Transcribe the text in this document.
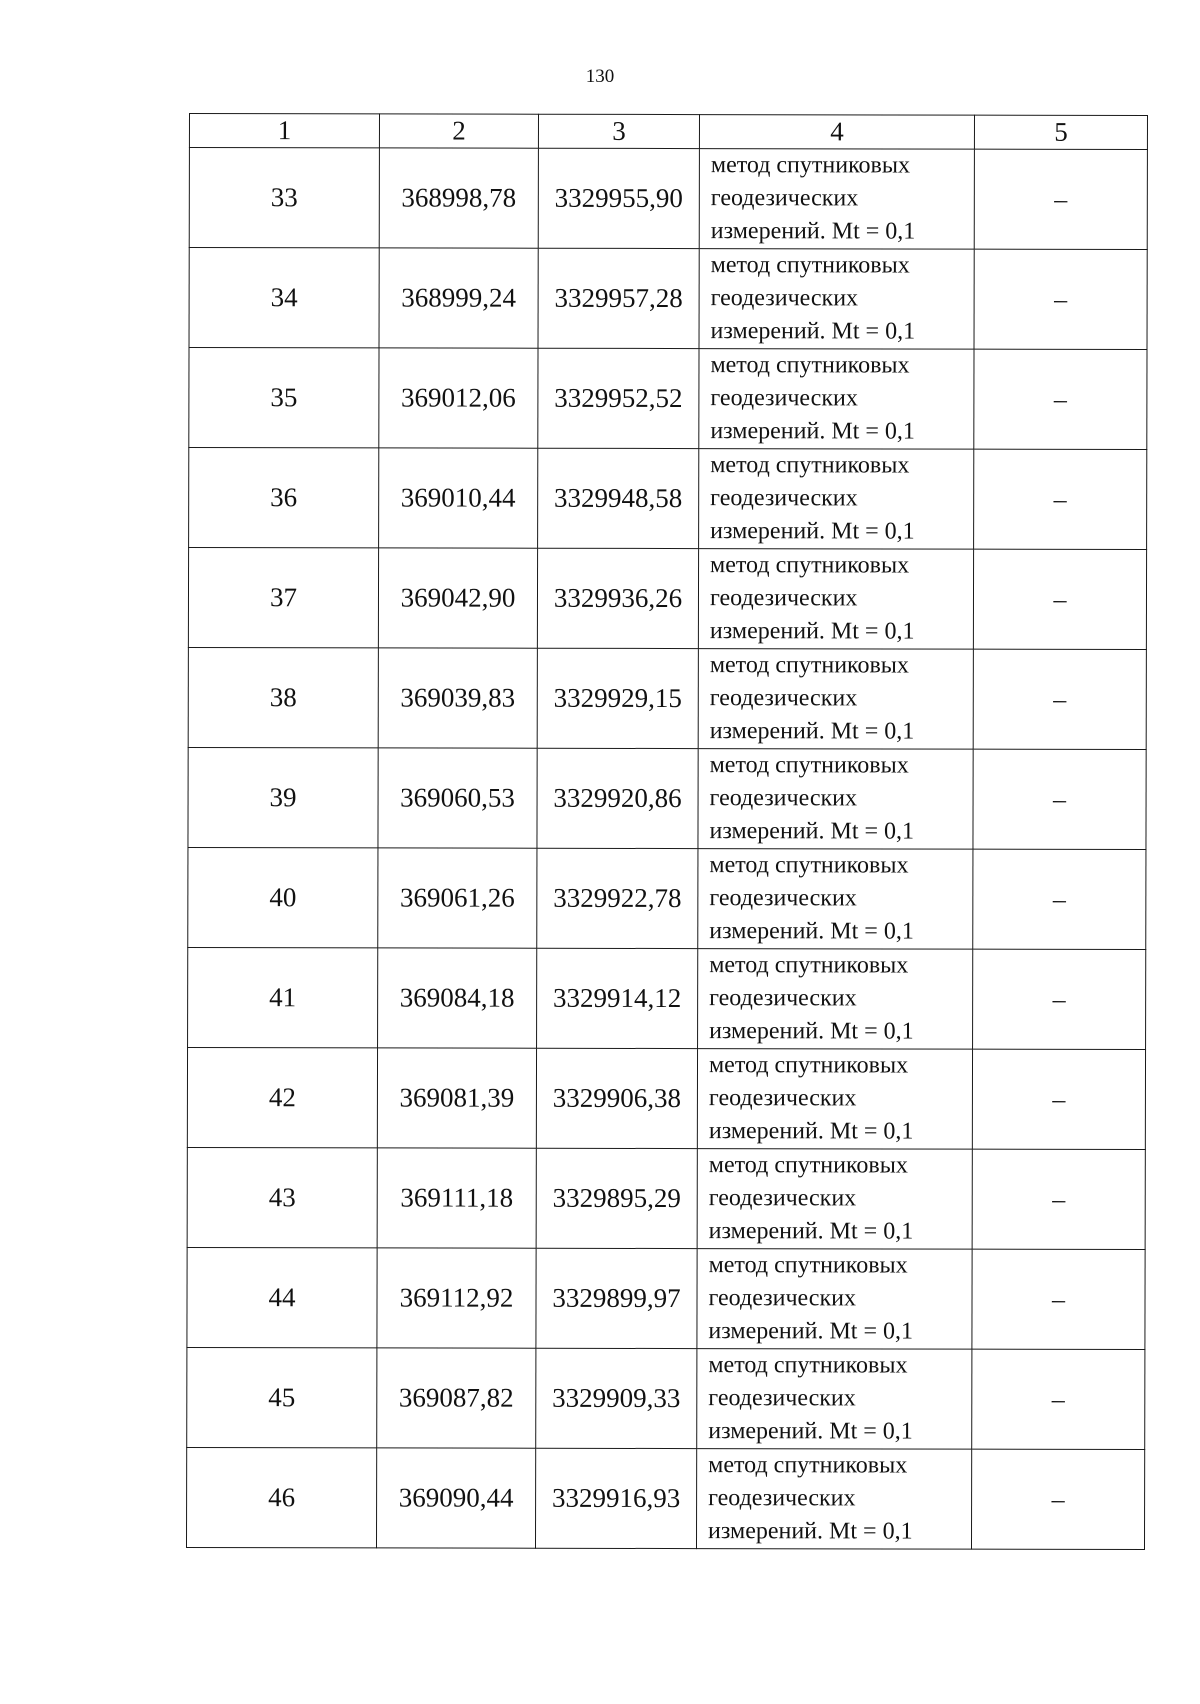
130
1	2	3	4	5
33	368998,78	3329955,90	метод спутниковых
геодезических
измерений. Mt = 0,1	–
34	368999,24	3329957,28	метод спутниковых
геодезических
измерений. Mt = 0,1	–
35	369012,06	3329952,52	метод спутниковых
геодезических
измерений. Mt = 0,1	–
36	369010,44	3329948,58	метод спутниковых
геодезических
измерений. Mt = 0,1	–
37	369042,90	3329936,26	метод спутниковых
геодезических
измерений. Mt = 0,1	–
38	369039,83	3329929,15	метод спутниковых
геодезических
измерений. Mt = 0,1	–
39	369060,53	3329920,86	метод спутниковых
геодезических
измерений. Mt = 0,1	–
40	369061,26	3329922,78	метод спутниковых
геодезических
измерений. Mt = 0,1	–
41	369084,18	3329914,12	метод спутниковых
геодезических
измерений. Mt = 0,1	–
42	369081,39	3329906,38	метод спутниковых
геодезических
измерений. Mt = 0,1	–
43	369111,18	3329895,29	метод спутниковых
геодезических
измерений. Mt = 0,1	–
44	369112,92	3329899,97	метод спутниковых
геодезических
измерений. Mt = 0,1	–
45	369087,82	3329909,33	метод спутниковых
геодезических
измерений. Mt = 0,1	–
46	369090,44	3329916,93	метод спутниковых
геодезических
измерений. Mt = 0,1	–
